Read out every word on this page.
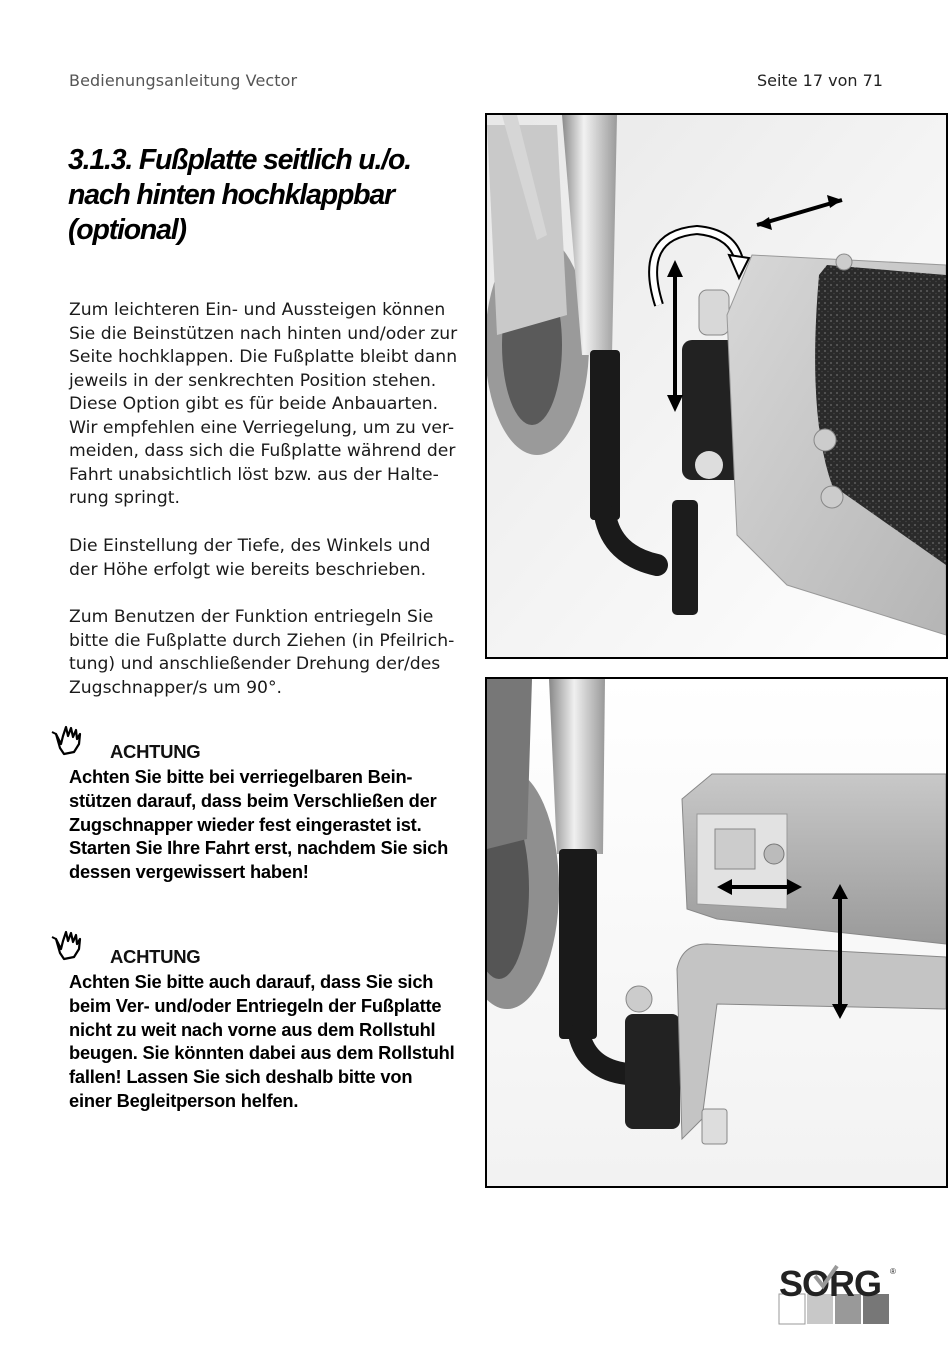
Bedienungsanleitung Vector	Seite 17 von 71
3.1.3. Fußplatte seitlich u./o.
nach hinten hochklappbar
(optional)
Zum leichteren Ein- und Aussteigen können
Sie die Beinstützen nach hinten und/oder zur
Seite hochklappen. Die Fußplatte bleibt dann
jeweils in der senkrechten Position stehen.
Diese Option gibt es für beide Anbauarten.
Wir empfehlen eine Verriegelung, um zu ver-
meiden, dass sich die Fußplatte während der
Fahrt unabsichtlich löst bzw. aus der Halte-
rung springt.
Die Einstellung der Tiefe, des Winkels und
der Höhe erfolgt wie bereits beschrieben.
Zum Benutzen der Funktion entriegeln Sie
bitte die Fußplatte durch Ziehen (in Pfeilrich-
tung) und anschließender Drehung der/des
Zugschnapper/s um 90°.
ACHTUNG
Achten Sie bitte bei verriegelbaren Bein-
stützen darauf, dass beim Verschließen der
Zugschnapper wieder fest eingerastet ist.
Starten Sie Ihre Fahrt erst, nachdem Sie sich
dessen vergewissert haben!
ACHTUNG
Achten Sie bitte auch darauf, dass Sie sich
beim Ver- und/oder Entriegeln der Fußplatte
nicht zu weit nach vorne aus dem Rollstuhl
beugen. Sie könnten dabei aus dem Rollstuhl
fallen! Lassen Sie sich deshalb bitte von
einer Begleitperson helfen.
SORG ®
